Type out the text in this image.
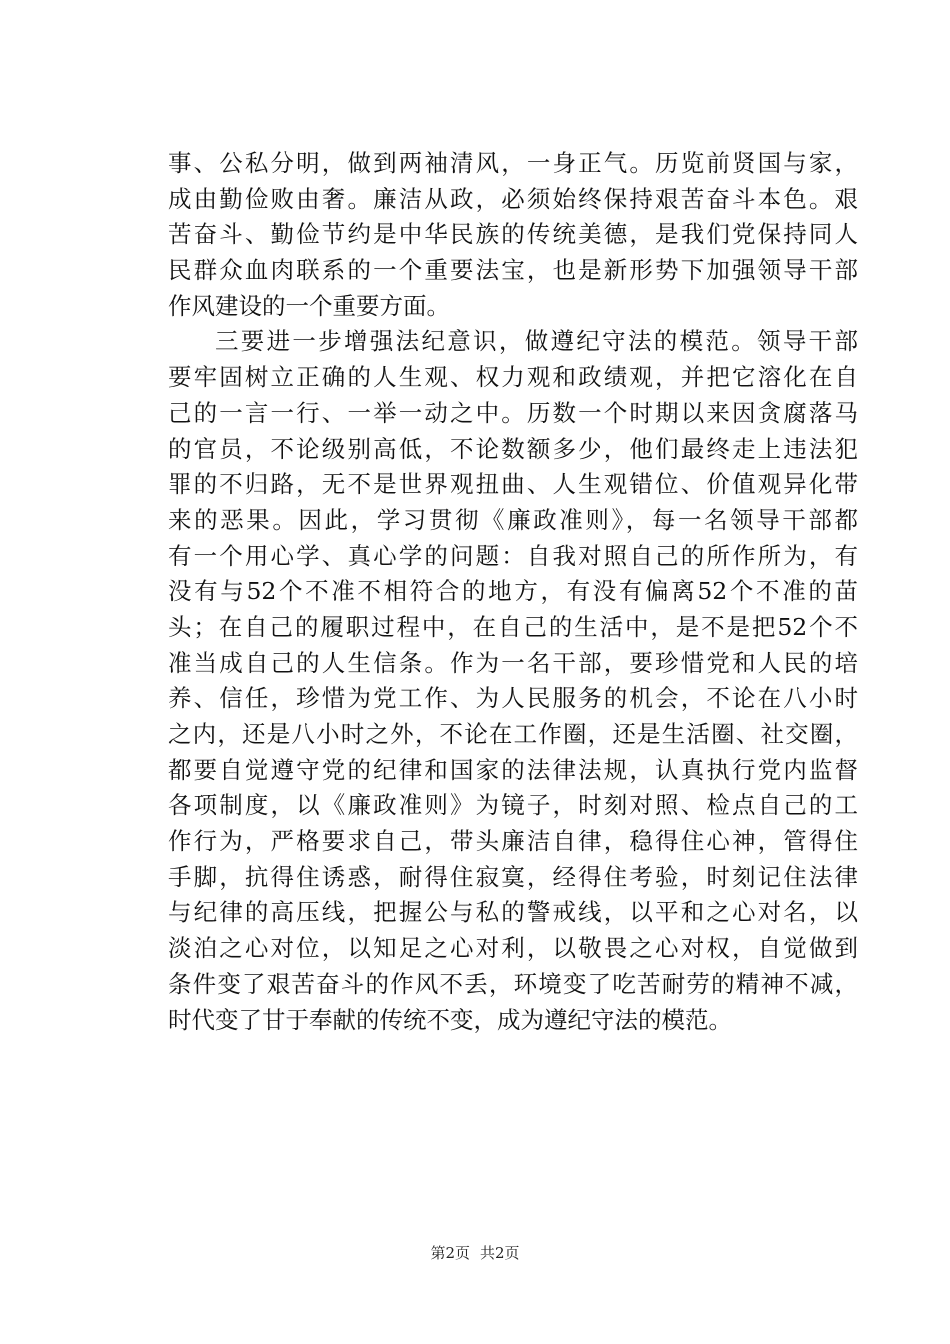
事、公私分明，做到两袖清风，一身正气。历览前贤国与家，
成由勤俭败由奢。廉洁从政，必须始终保持艰苦奋斗本色。艰
苦奋斗、勤俭节约是中华民族的传统美德，是我们党保持同人
民群众血肉联系的一个重要法宝，也是新形势下加强领导干部
作风建设的一个重要方面。
三要进一步增强法纪意识，做遵纪守法的模范。领导干部
要牢固树立正确的人生观、权力观和政绩观，并把它溶化在自
己的一言一行、一举一动之中。历数一个时期以来因贪腐落马
的官员，不论级别高低，不论数额多少，他们最终走上违法犯
罪的不归路，无不是世界观扭曲、人生观错位、价值观异化带
来的恶果。因此，学习贯彻《廉政准则》，每一名领导干部都
有一个用心学、真心学的问题：自我对照自己的所作所为，有
没有与52个不准不相符合的地方，有没有偏离52个不准的苗
头；在自己的履职过程中，在自己的生活中，是不是把52个不
准当成自己的人生信条。作为一名干部，要珍惜党和人民的培
养、信任，珍惜为党工作、为人民服务的机会，不论在八小时
之内，还是八小时之外，不论在工作圈，还是生活圈、社交圈，
都要自觉遵守党的纪律和国家的法律法规，认真执行党内监督
各项制度，以《廉政准则》为镜子，时刻对照、检点自己的工
作行为，严格要求自己，带头廉洁自律，稳得住心神，管得住
手脚，抗得住诱惑，耐得住寂寞，经得住考验，时刻记住法律
与纪律的高压线，把握公与私的警戒线，以平和之心对名，以
淡泊之心对位，以知足之心对利，以敬畏之心对权，自觉做到
条件变了艰苦奋斗的作风不丢，环境变了吃苦耐劳的精神不减，
时代变了甘于奉献的传统不变，成为遵纪守法的模范。
第2页 共2页
